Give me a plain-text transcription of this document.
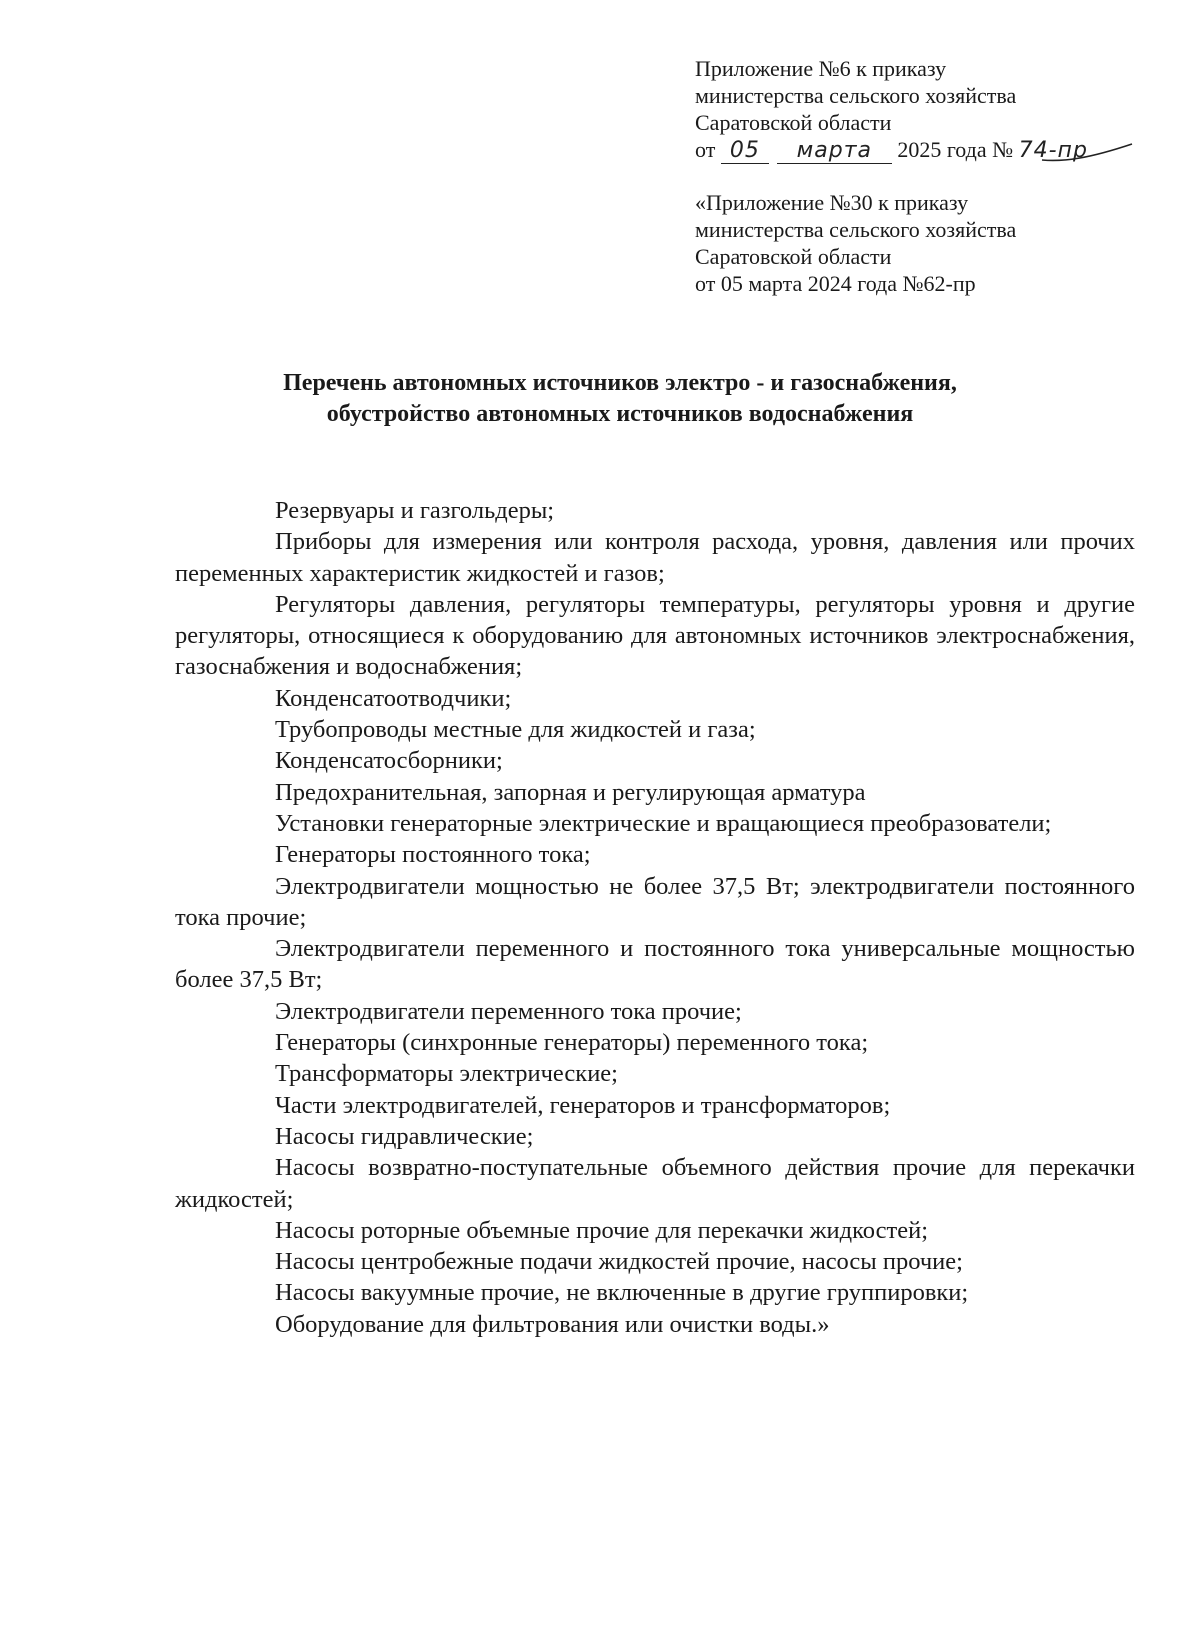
Приложение №6 к приказу
министерства сельского хозяйства
Саратовской области
от 05 марта 2025 года № 74-пр
«Приложение №30 к приказу
министерства сельского хозяйства
Саратовской области
от 05 марта 2024 года №62-пр
Перечень автономных источников электро - и газоснабжения,
обустройство автономных источников водоснабжения

Резервуары и газгольдеры;

Приборы для измерения или контроля расхода, уровня, давления или прочих переменных характеристик жидкостей и газов;

Регуляторы давления, регуляторы температуры, регуляторы уровня и другие регуляторы, относящиеся к оборудованию для автономных источников электроснабжения, газоснабжения и водоснабжения;

Конденсатоотводчики;

Трубопроводы местные для жидкостей и газа;

Конденсатосборники;

Предохранительная, запорная и регулирующая арматура

Установки генераторные электрические и вращающиеся преобразователи;

Генераторы постоянного тока;

Электродвигатели мощностью не более 37,5 Вт; электродвигатели постоянного тока прочие;

Электродвигатели переменного и постоянного тока универсальные мощностью более 37,5 Вт;

Электродвигатели переменного тока прочие;

Генераторы (синхронные генераторы) переменного тока;

Трансформаторы электрические;

Части электродвигателей, генераторов и трансформаторов;

Насосы гидравлические;

Насосы возвратно-поступательные объемного действия прочие для перекачки жидкостей;

Насосы роторные объемные прочие для перекачки жидкостей;

Насосы центробежные подачи жидкостей прочие, насосы прочие;

Насосы вакуумные прочие, не включенные в другие группировки;

Оборудование для фильтрования или очистки воды.»
